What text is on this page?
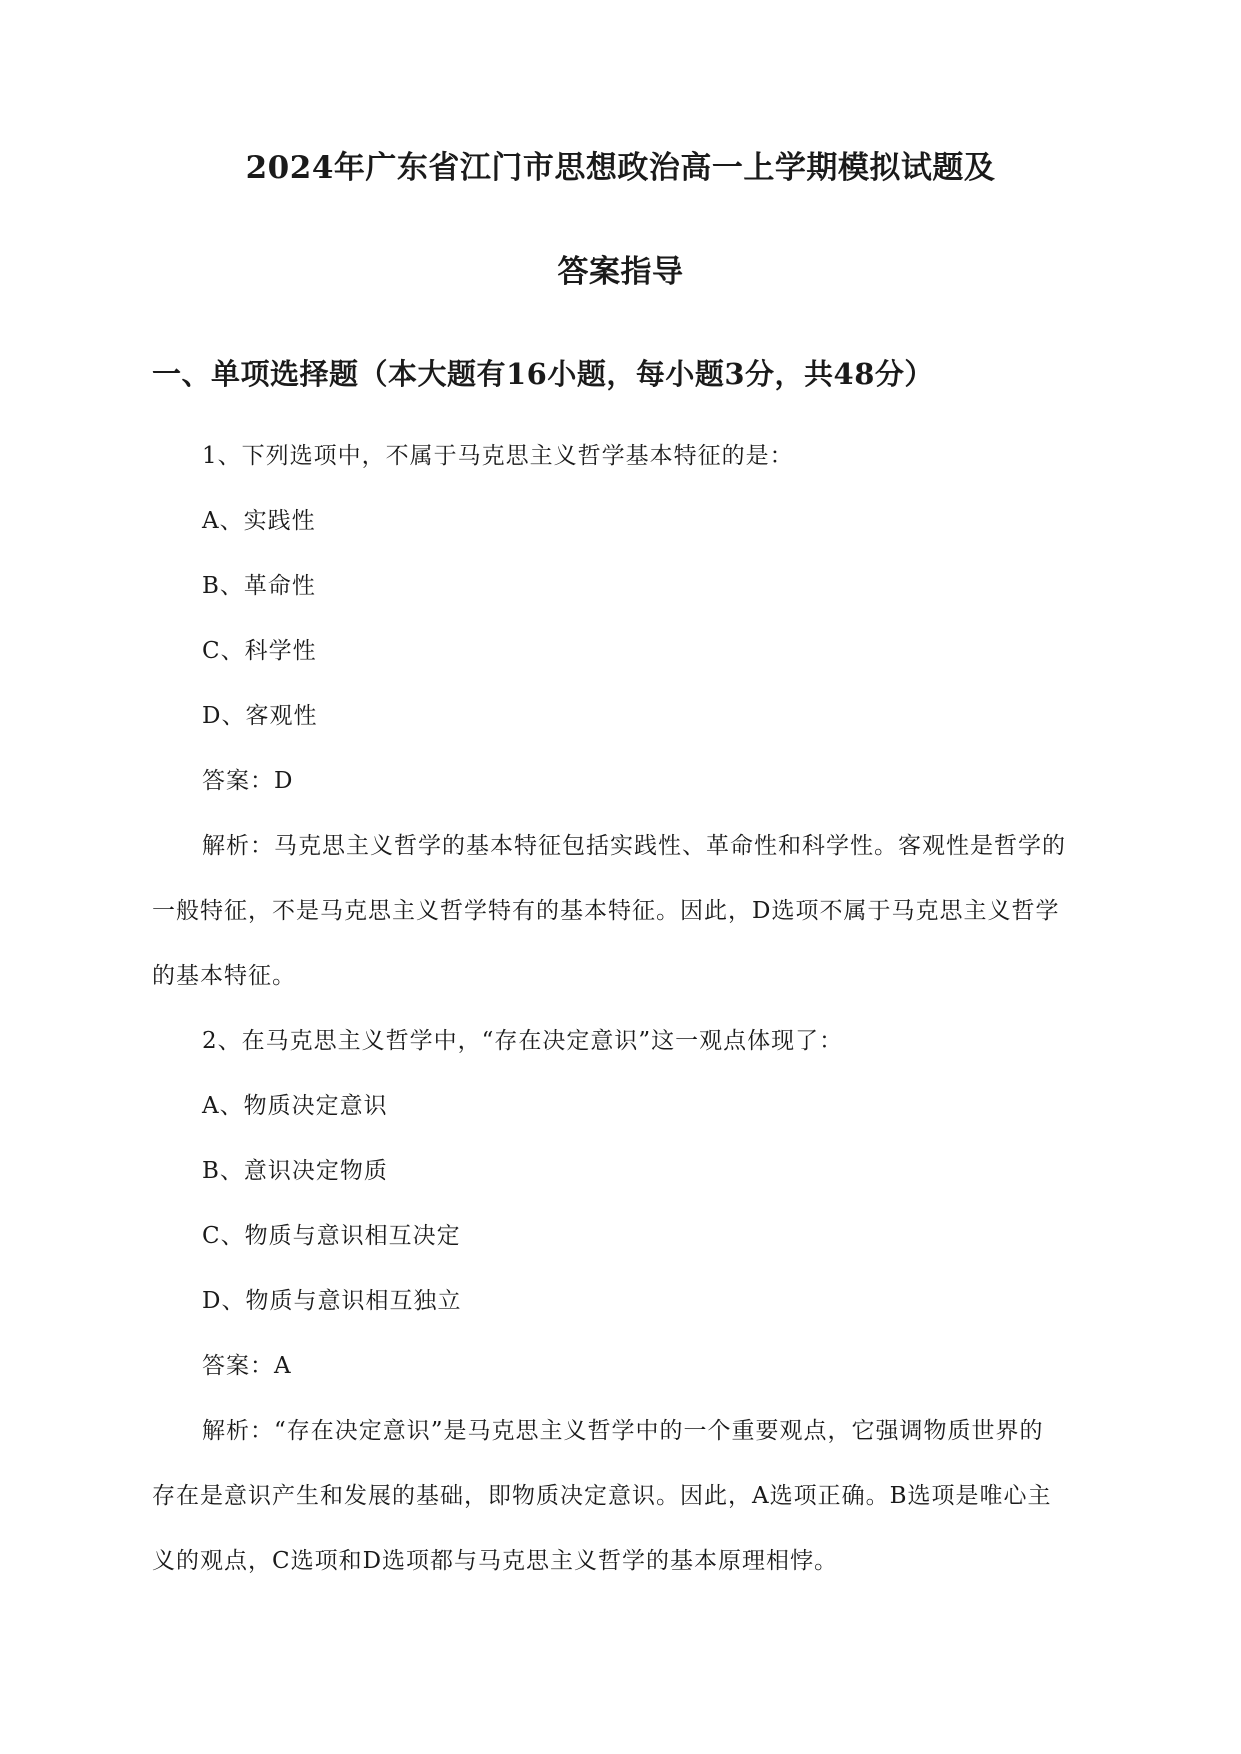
2024年广东省江门市思想政治高一上学期模拟试题及
答案指导
一、单项选择题（本大题有16小题，每小题3分，共48分）
1、下列选项中，不属于马克思主义哲学基本特征的是：
A、实践性
B、革命性
C、科学性
D、客观性
答案：D
解析：马克思主义哲学的基本特征包括实践性、革命性和科学性。客观性是哲学的
一般特征，不是马克思主义哲学特有的基本特征。因此，D选项不属于马克思主义哲学
的基本特征。
2、在马克思主义哲学中，“存在决定意识”这一观点体现了：
A、物质决定意识
B、意识决定物质
C、物质与意识相互决定
D、物质与意识相互独立
答案：A
解析：“存在决定意识”是马克思主义哲学中的一个重要观点，它强调物质世界的
存在是意识产生和发展的基础，即物质决定意识。因此，A选项正确。B选项是唯心主
义的观点，C选项和D选项都与马克思主义哲学的基本原理相悖。
